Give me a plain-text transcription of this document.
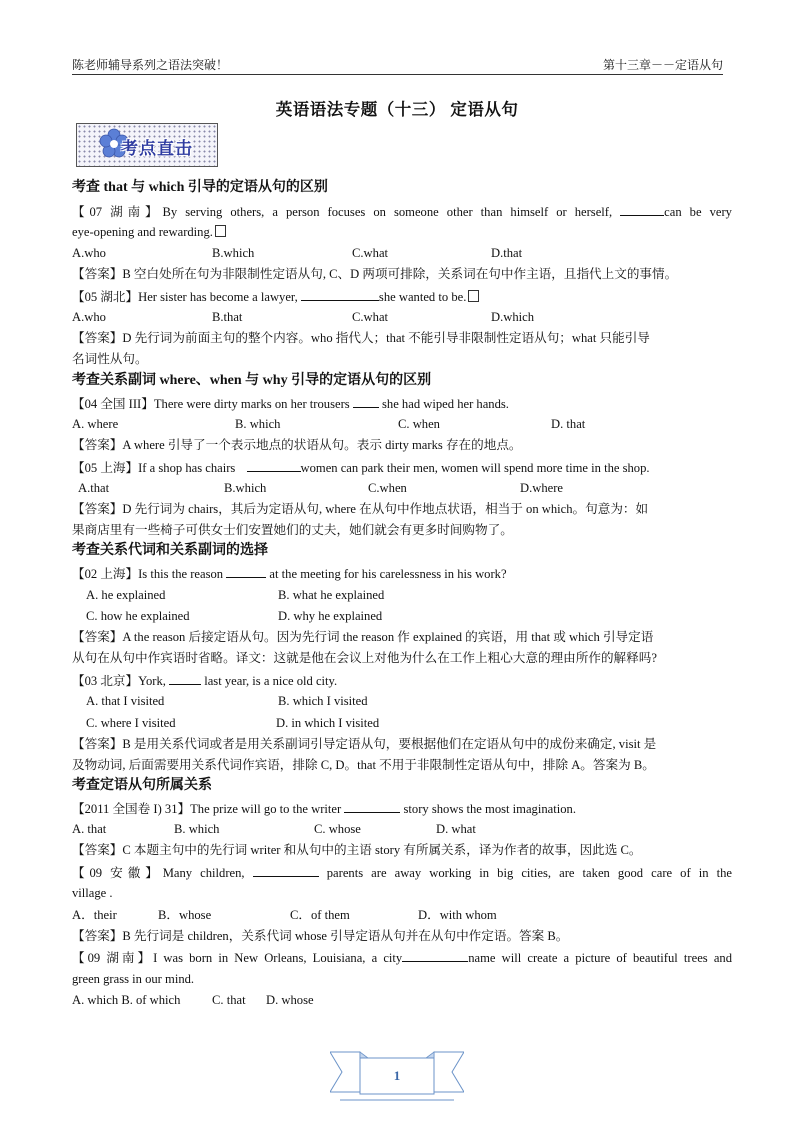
陈老师辅导系列之语法突破！	第十三章－－定语从句
英语语法专题（十三） 定语从句
考点直击
考查 that 与 which 引导的定语从句的区别
【07 湖南】By serving others, a person focuses on someone other than himself or herself,	can be very
eye-opening and rewarding.
A.who	B.which	C.what	D.that
【答案】B 空白处所在句为非限制性定语从句, C、D 两项可排除，关系词在句中作主语，且指代上文的事情。
【05 湖北】Her sister has become a lawyer,	she wanted to be.
A.who	B.that	C.what	D.which
【答案】D 先行词为前面主句的整个内容。who 指代人；that 不能引导非限制性定语从句；what 只能引导
名词性从句。
考查关系副词 where、when 与 why 引导的定语从句的区别
【04 全国 III】There were dirty marks on her trousers	she had wiped her hands.
A. where	B. which	C. when	D. that
【答案】A where 引导了一个表示地点的状语从句。表示 dirty marks 存在的地点。
【05 上海】If a shop has chairs	women can park their men, women will spend more time in the shop.
A.that	B.which	C.when	D.where
【答案】D 先行词为 chairs，其后为定语从句, where 在从句中作地点状语，相当于 on which。句意为：如
果商店里有一些椅子可供女士们安置她们的丈夫，她们就会有更多时间购物了。
考查关系代词和关系副词的选择
【02 上海】Is this the reason	at the meeting for his carelessness in his work?
A. he explained	B. what he explained
C. how he explained	D. why he explained
【答案】A the reason 后接定语从句。因为先行词 the reason 作 explained 的宾语，用 that 或 which 引导定语
从句在从句中作宾语时省略。译文：这就是他在会议上对他为什么在工作上粗心大意的理由所作的解释吗?
【03 北京】York,	last year, is a nice old city.
A. that I visited	B. which I visited
C. where I visited	D. in which I visited
【答案】B 是用关系代词或者是用关系副词引导定语从句，要根据他们在定语从句中的成份来确定, visit 是
及物动词, 后面需要用关系代词作宾语，排除 C, D。that 不用于非限制性定语从句中，排除 A。答案为 B。
考查定语从句所属关系
【2011 全国卷 I) 31】The prize will go to the writer	story shows the most imagination.
A. that	B. which	C. whose	D. what
【答案】C 本题主句中的先行词 writer 和从句中的主语 story 有所属关系，译为作者的故事，因此选 C。
【09 安徽】Many children,	parents are away working in big cities, are taken good care of in the
village .
A．their	B．whose	C．of them	D．with whom
【答案】B 先行词是 children，关系代词 whose 引导定语从句并在从句中作定语。答案 B。
【09 湖南】I was born in New Orleans, Louisiana, a city	name will create a picture of beautiful trees and
green grass in our mind.
A. which B. of which	C. that D. whose
1
